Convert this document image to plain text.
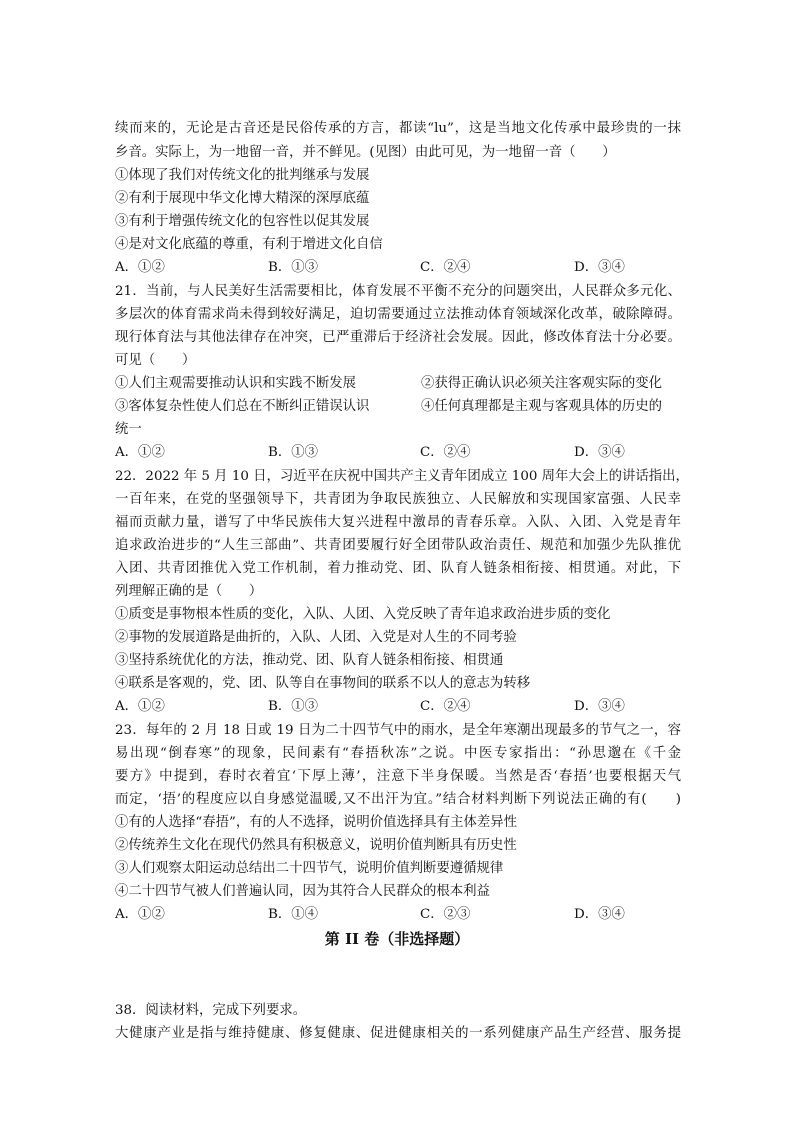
续而来的，无论是古音还是民俗传承的方言，都读“lu”，这是当地文化传承中最珍贵的一抹
乡音。实际上，为一地留一音，并不鲜见。(见图）由此可见，为一地留一音（　　）
①体现了我们对传统文化的批判继承与发展
②有利于展现中华文化博大精深的深厚底蕴
③有利于增强传统文化的包容性以促其发展
④是对文化底蕴的尊重，有利于增进文化自信
A．①②	B．①③	C．②④	D．③④
21．当前，与人民美好生活需要相比，体育发展不平衡不充分的问题突出，人民群众多元化、
多层次的体育需求尚未得到较好满足，迫切需要通过立法推动体育领域深化改革，破除障碍。
现行体育法与其他法律存在冲突，已严重滞后于经济社会发展。因此，修改体育法十分必要。
可见（　　）
①人们主观需要推动认识和实践不断发展	②获得正确认识必须关注客观实际的变化
③客体复杂性使人们总在不断纠正错误认识	④任何真理都是主观与客观具体的历史的
统一
A．①②	B．①③	C．②④	D．③④
22．2022 年 5 月 10 日，习近平在庆祝中国共产主义青年团成立 100 周年大会上的讲话指出，
一百年来，在党的坚强领导下，共青团为争取民族独立、人民解放和实现国家富强、人民幸
福而贡献力量，谱写了中华民族伟大复兴进程中激昂的青春乐章。入队、入团、入党是青年
追求政治进步的“人生三部曲”、共青团要履行好全团带队政治责任、规范和加强少先队推优
入团、共青团推优入党工作机制，着力推动党、团、队育人链条相衔接、相贯通。对此，下
列理解正确的是（　　）
①质变是事物根本性质的变化，入队、人团、入党反映了青年追求政治进步质的变化
②事物的发展道路是曲折的，入队、人团、入党是对人生的不同考验
③坚持系统优化的方法，推动党、团、队育人链条相衔接、相贯通
④联系是客观的，党、团、队等自在事物间的联系不以人的意志为转移
A．①②	B．①③	C．②④	D．③④
23．每年的 2 月 18 日或 19 日为二十四节气中的雨水，是全年寒潮出现最多的节气之一，容
易出现“倒春寒”的现象，民间素有“春捂秋冻”之说。中医专家指出：“孙思邈在《千金
要方》中提到，春时衣着宜‘下厚上薄’，注意下半身保暖。当然是否‘春捂’也要根据天气
而定，‘捂’的程度应以自身感觉温暖,又不出汗为宜。”结合材料判断下列说法正确的有(　　)
①有的人选择“春捂”，有的人不选择，说明价值选择具有主体差异性
②传统养生文化在现代仍然具有积极意义，说明价值判断具有历史性
③人们观察太阳运动总结出二十四节气，说明价值判断要遵循规律
④二十四节气被人们普遍认同，因为其符合人民群众的根本利益
A．①②	B．①④	C．②③	D．③④
第 II 卷（非选择题）
38．阅读材料，完成下列要求。
大健康产业是指与维持健康、修复健康、促进健康相关的一系列健康产品生产经营、服务提
